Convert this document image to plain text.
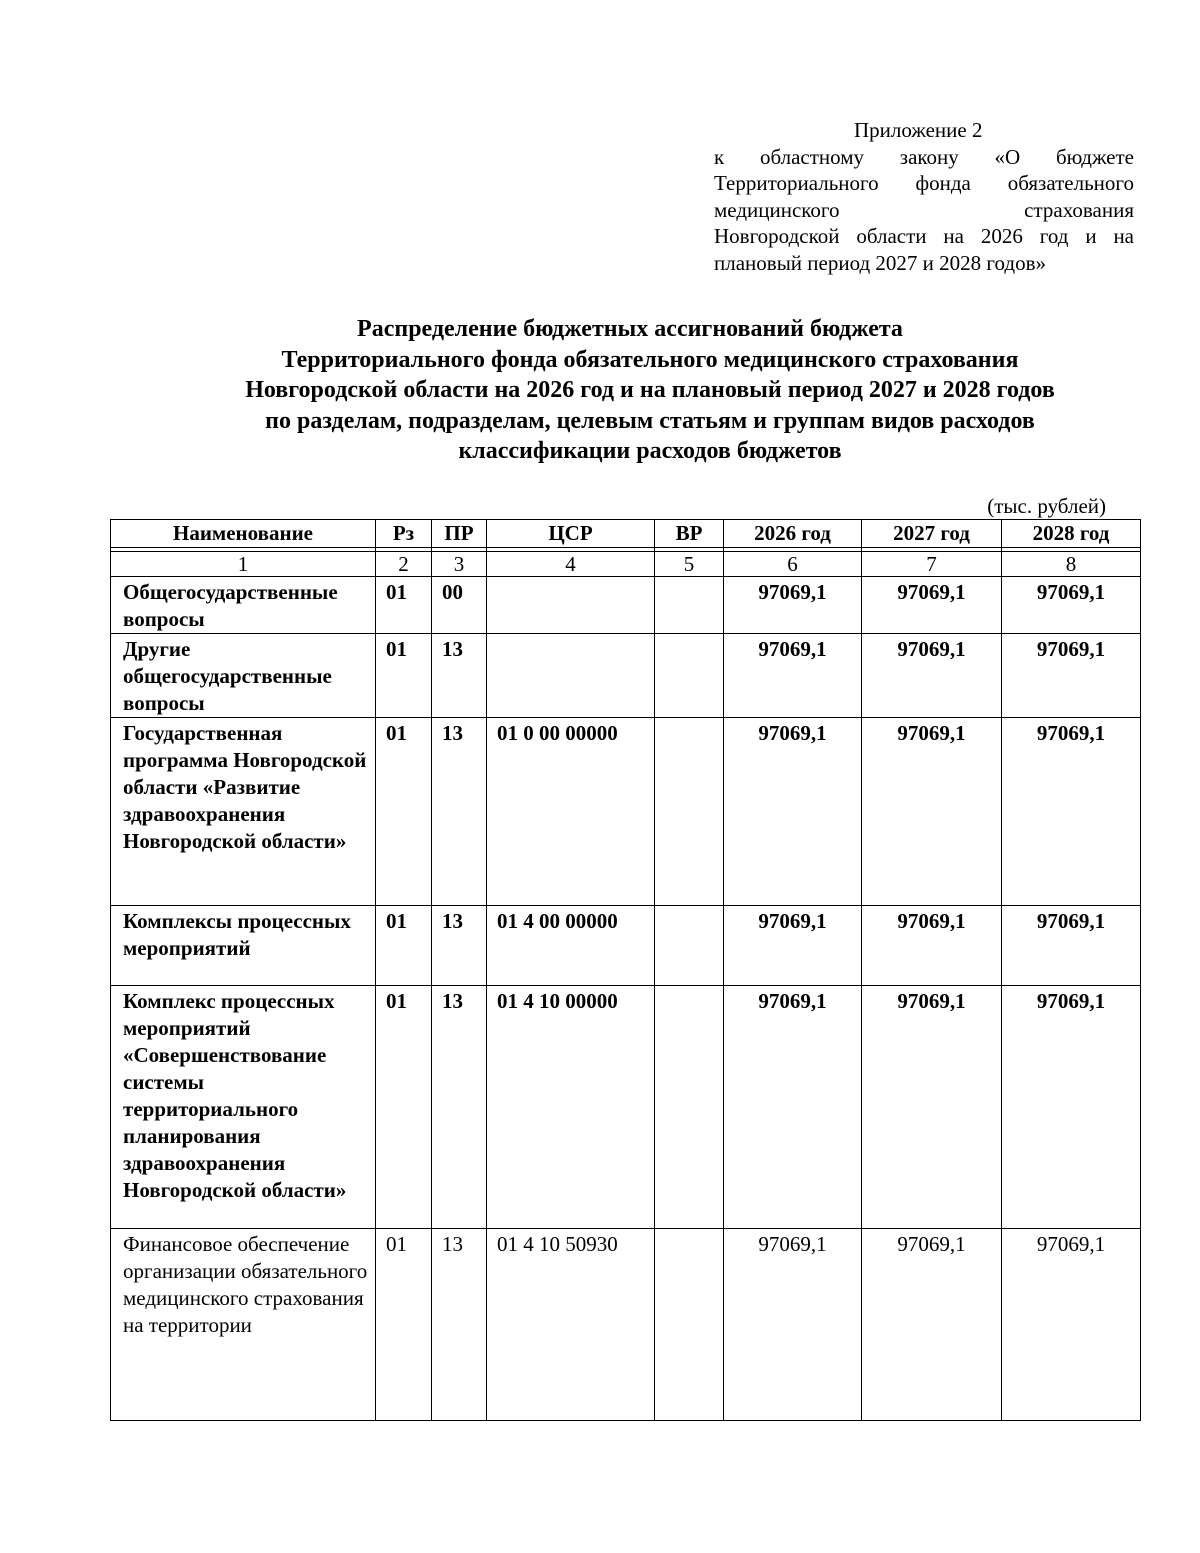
Приложение 2
к областному закону «О бюджете
Территориального фонда обязательного
медицинского страхования
Новгородской области на 2026 год и на
плановый период 2027 и 2028 годов»
Распределение бюджетных ассигнований бюджета
Территориального фонда обязательного медицинского страхования
Новгородской области на 2026 год и на плановый период 2027 и 2028 годов
по разделам, подразделам, целевым статьям и группам видов расходов
классификации расходов бюджетов
(тыс. рублей)
Наименование	Рз	ПР	ЦСР	ВР	2026 год	2027 год	2028 год

1	2	3	4	5	6	7	8
Общегосударственные вопросы	01	00			97069,1	97069,1	97069,1
Другие общегосударственные вопросы	01	13			97069,1	97069,1	97069,1
Государственная программа Новгородской области «Развитие здравоохранения Новгородской области»	01	13	01 0 00 00000		97069,1	97069,1	97069,1
Комплексы процессных мероприятий	01	13	01 4 00 00000		97069,1	97069,1	97069,1
Комплекс процессных мероприятий «Совершенствование системы территориального планирования здравоохранения Новгородской области»	01	13	01 4 10 00000		97069,1	97069,1	97069,1
Финансовое обеспечение организации обязательного медицинского страхования на территории	01	13	01 4 10 50930		97069,1	97069,1	97069,1
